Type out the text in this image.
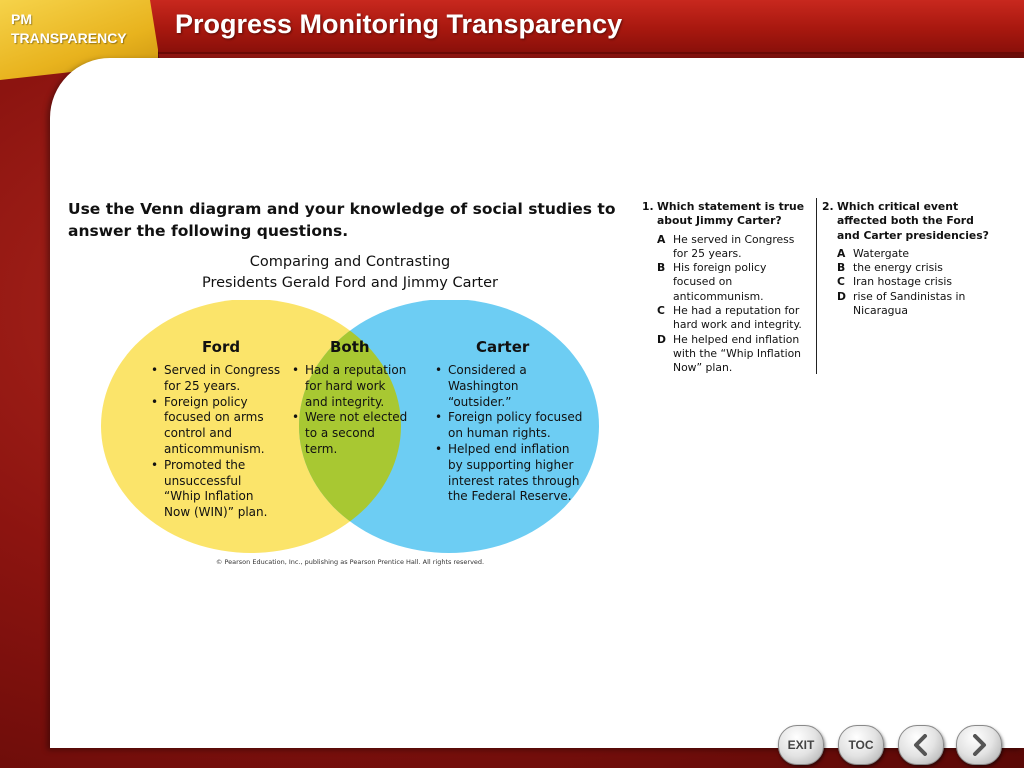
Progress Monitoring Transparency
PM
TRANSPARENCY
Use the Venn diagram and your knowledge of social studies to answer the following questions.
Comparing and Contrasting
Presidents Gerald Ford and Jimmy Carter
Ford	Both	Carter
• Served in Congress for 25 years.
• Foreign policy focused on arms control and anticommunism.
• Promoted the unsuccessful “Whip Inflation Now (WIN)” plan.
• Had a reputation for hard work and integrity.
• Were not elected to a second term.
• Considered a Washington “outsider.”
• Foreign policy focused on human rights.
• Helped end inflation by supporting higher interest rates through the Federal Reserve.
© Pearson Education, Inc., publishing as Pearson Prentice Hall. All rights reserved.
1. Which statement is true about Jimmy Carter?
A He served in Congress for 25 years.
B His foreign policy focused on anticommunism.
C He had a reputation for hard work and integrity.
D He helped end inflation with the “Whip Inflation Now” plan.
2. Which critical event affected both the Ford and Carter presidencies?
A Watergate
B the energy crisis
C Iran hostage crisis
D rise of Sandinistas in Nicaragua
EXIT	TOC
